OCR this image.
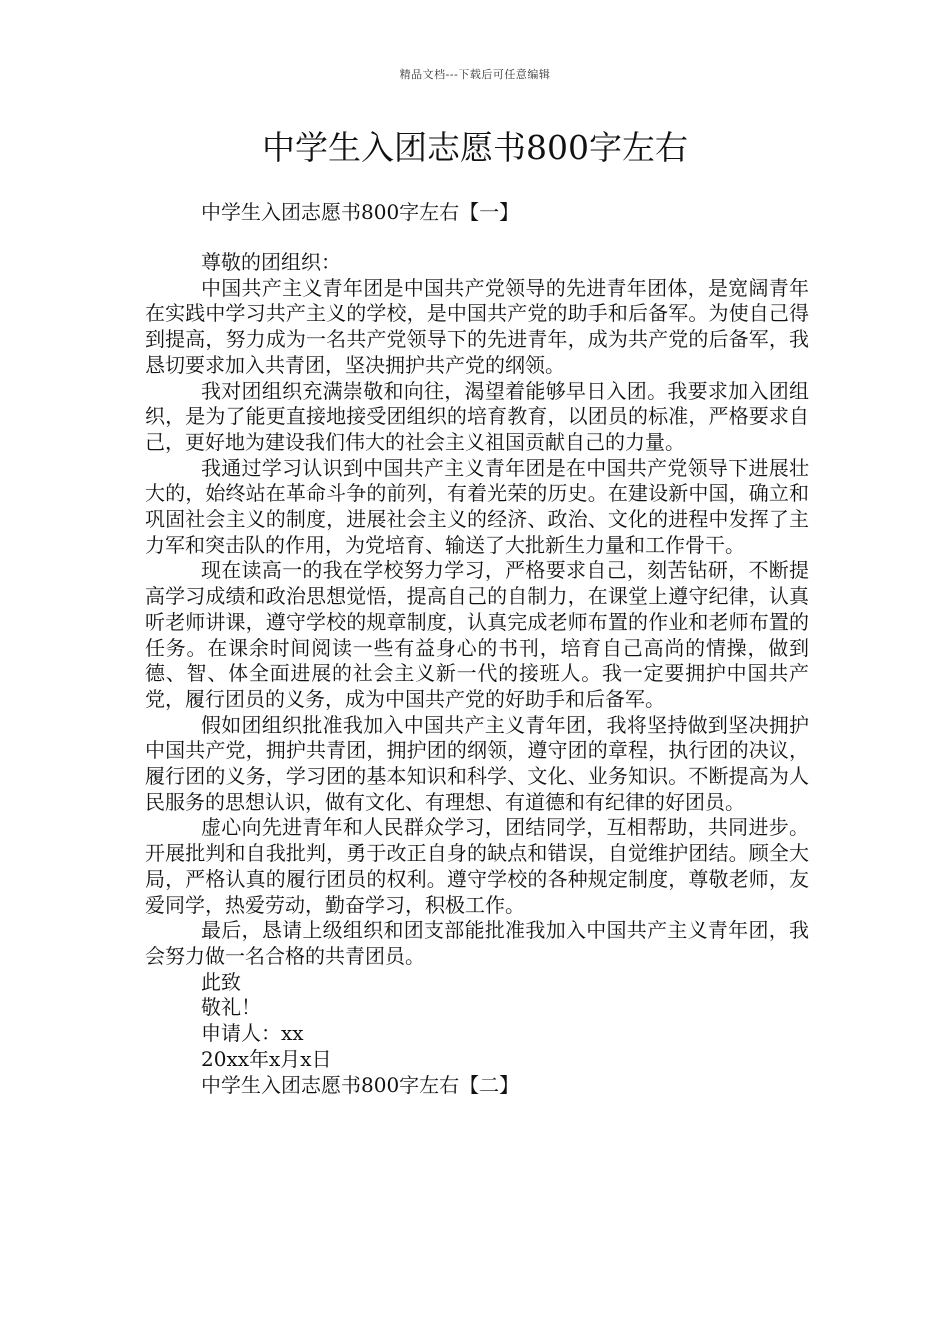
精品文档---下载后可任意编辑
中学生入团志愿书800字左右
中学生入团志愿书800字左右【一】
尊敬的团组织：

中国共产主义青年团是中国共产党领导的先进青年团体，是宽阔青年在实践中学习共产主义的学校，是中国共产党的助手和后备军。为使自己得到提高，努力成为一名共产党领导下的先进青年，成为共产党的后备军，我恳切要求加入共青团，坚决拥护共产党的纲领。

我对团组织充满崇敬和向往，渴望着能够早日入团。我要求加入团组织，是为了能更直接地接受团组织的培育教育，以团员的标准，严格要求自己，更好地为建设我们伟大的社会主义祖国贡献自己的力量。

我通过学习认识到中国共产主义青年团是在中国共产党领导下进展壮大的，始终站在革命斗争的前列，有着光荣的历史。在建设新中国，确立和巩固社会主义的制度，进展社会主义的经济、政治、文化的进程中发挥了主力军和突击队的作用，为党培育、输送了大批新生力量和工作骨干。

现在读高一的我在学校努力学习，严格要求自己，刻苦钻研，不断提高学习成绩和政治思想觉悟，提高自己的自制力，在课堂上遵守纪律，认真听老师讲课，遵守学校的规章制度，认真完成老师布置的作业和老师布置的任务。在课余时间阅读一些有益身心的书刊，培育自己高尚的情操，做到德、智、体全面进展的社会主义新一代的接班人。我一定要拥护中国共产党，履行团员的义务，成为中国共产党的好助手和后备军。

假如团组织批准我加入中国共产主义青年团，我将坚持做到坚决拥护中国共产党，拥护共青团，拥护团的纲领，遵守团的章程，执行团的决议，履行团的义务，学习团的基本知识和科学、文化、业务知识。不断提高为人民服务的思想认识，做有文化、有理想、有道德和有纪律的好团员。

虚心向先进青年和人民群众学习，团结同学，互相帮助，共同进步。开展批判和自我批判，勇于改正自身的缺点和错误，自觉维护团结。顾全大局，严格认真的履行团员的权利。遵守学校的各种规定制度，尊敬老师，友爱同学，热爱劳动，勤奋学习，积极工作。

最后，恳请上级组织和团支部能批准我加入中国共产主义青年团，我会努力做一名合格的共青团员。

此致
敬礼！
申请人：xx
20xx年x月x日
中学生入团志愿书800字左右【二】
